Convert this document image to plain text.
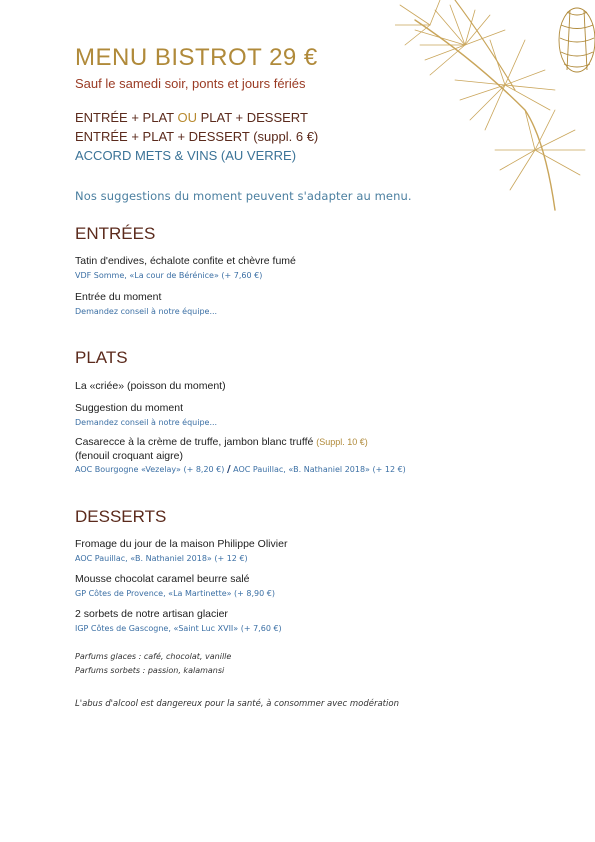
MENU BISTROT 29 €
Sauf le samedi soir, ponts et jours fériés
ENTRÉE + PLAT OU PLAT + DESSERT
ENTRÉE + PLAT + DESSERT (suppl. 6 €)
ACCORD METS & VINS (AU VERRE)
Nos suggestions du moment peuvent s'adapter au menu.
ENTRÉES
Tatin d'endives, échalote confite et chèvre fumé
VDF Somme, «La cour de Bérénice» (+ 7,60 €)
Entrée du moment
Demandez conseil à notre équipe...
PLATS
La «criée» (poisson du moment)
Suggestion du moment
Demandez conseil à notre équipe...
Casarecce à la crème de truffe, jambon blanc truffé (Suppl. 10 €)
(fenouil croquant aigre)
AOC Bourgogne «Vezelay» (+ 8,20 €) / AOC Pauillac, «B. Nathaniel 2018» (+ 12 €)
DESSERTS
Fromage du jour de la maison Philippe Olivier
AOC Pauillac, «B. Nathaniel 2018» (+ 12 €)
Mousse chocolat caramel beurre salé
GP Côtes de Provence, «La Martinette» (+ 8,90 €)
2 sorbets de notre artisan glacier
IGP Côtes de Gascogne, «Saint Luc XVII» (+ 7,60 €)
Parfums glaces : café, chocolat, vanille
Parfums sorbets : passion, kalamansi
L'abus d'alcool est dangereux pour la santé, à consommer avec modération
